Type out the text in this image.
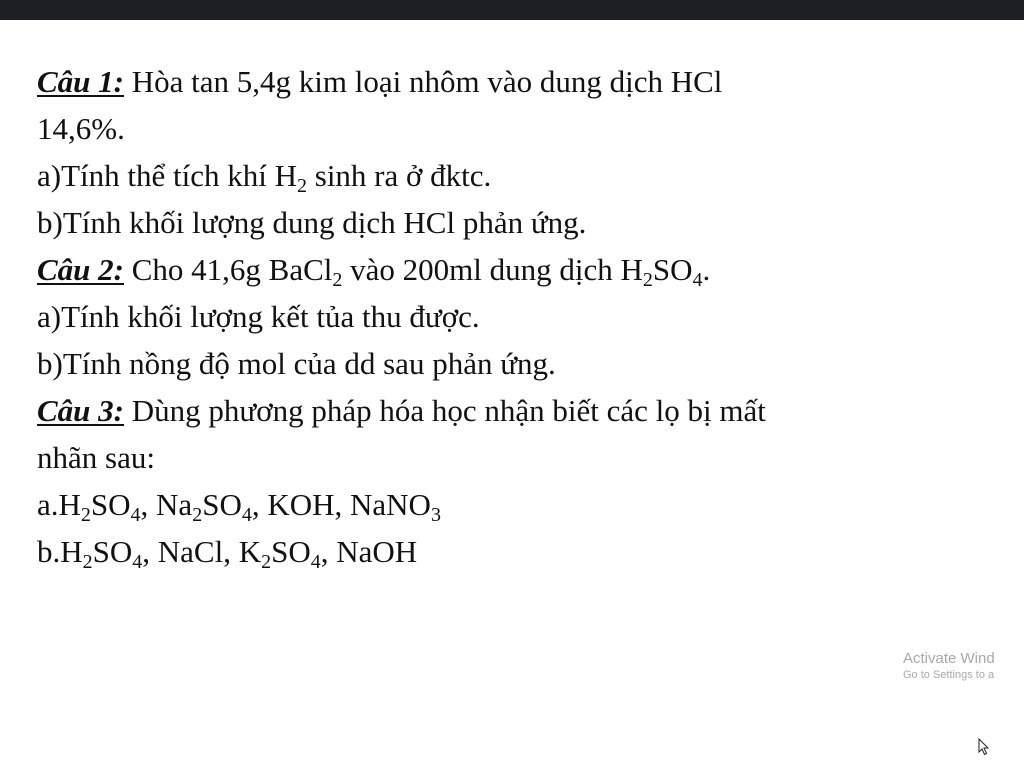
Câu 1: Hòa tan 5,4g kim loại nhôm vào dung dịch HCl
14,6%.
a)Tính thể tích khí $H_2$ sinh ra ở đktc.
b)Tính khối lượng dung dịch HCl phản ứng.
Câu 2: Cho 41,6g BaCl$_2$ vào 200ml dung dịch $H_2SO_4$.
a)Tính khối lượng kết tủa thu được.
b)Tính nồng độ mol của dd sau phản ứng.
Câu 3: Dùng phương pháp hóa học nhận biết các lọ bị mất
nhãn sau:
$a.H_2SO_4$, $Na_2SO_4$, KOH, NaNO$_3$
$b.H_2SO_4$, NaCl, $K_2SO_4$, NaOH
Activate Wind
Go to Settings to a
